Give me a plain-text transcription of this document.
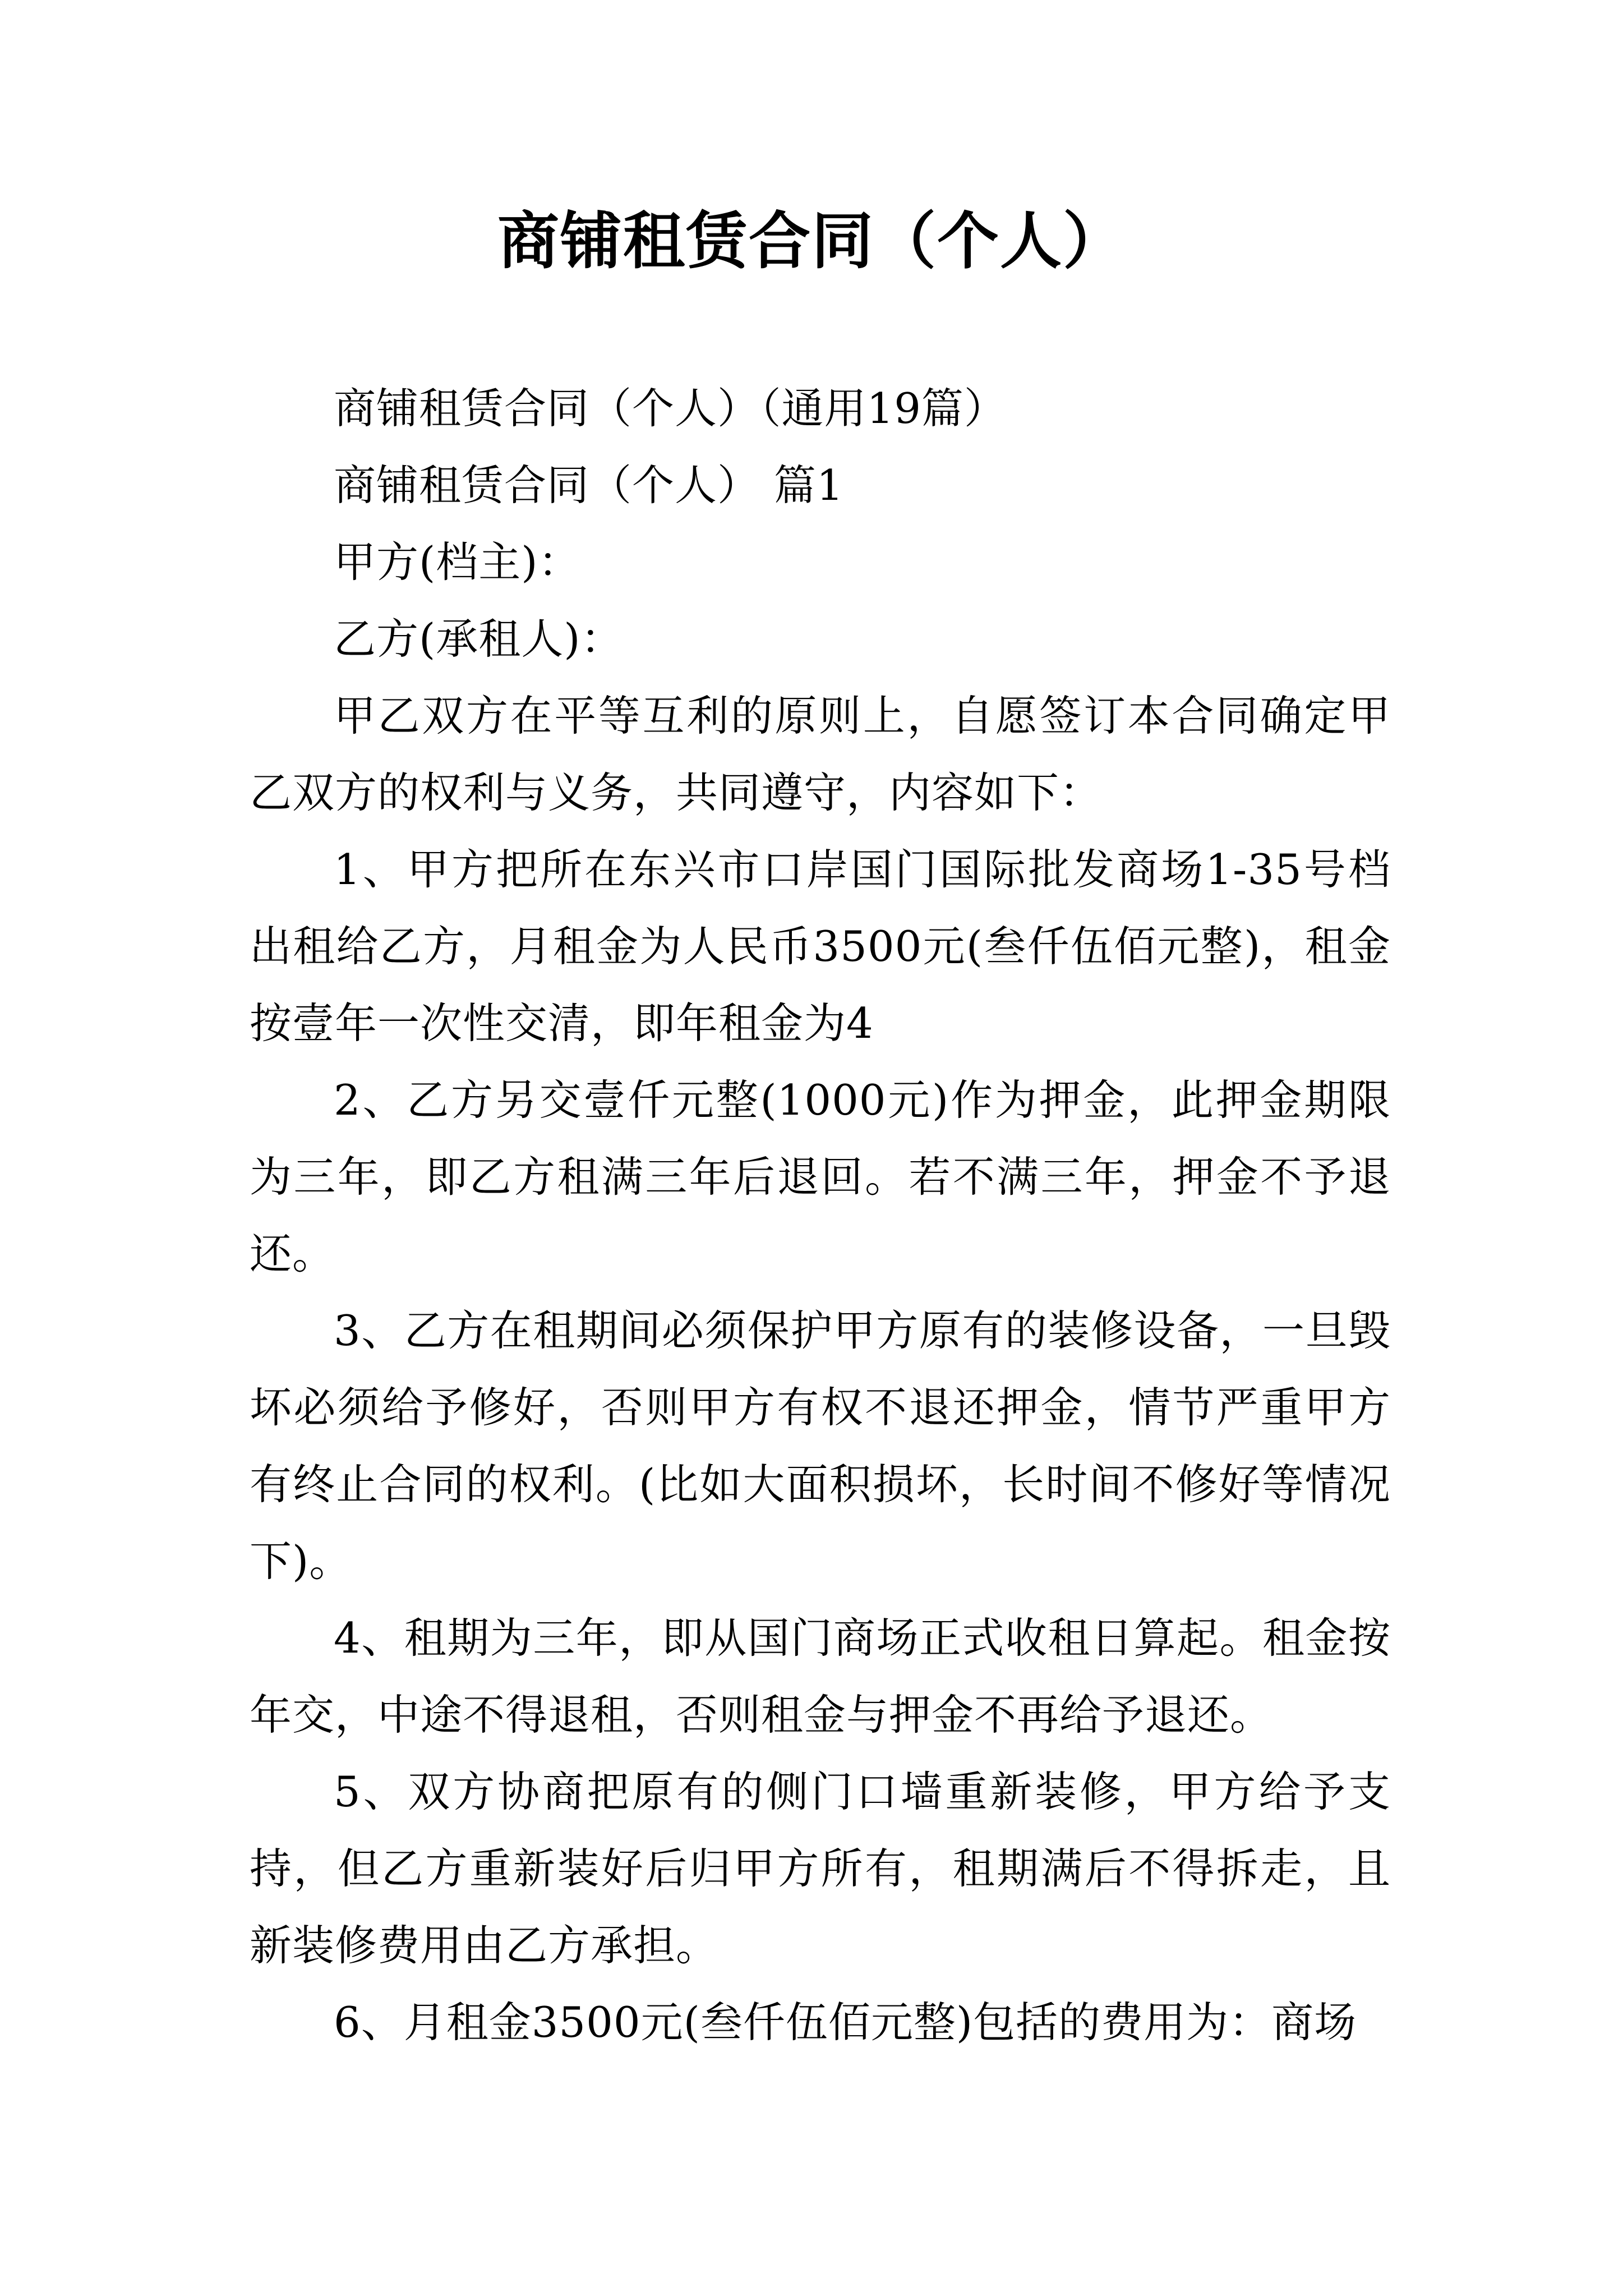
商铺租赁合同（个人）

商铺租赁合同（个人）（通用19篇）

商铺租赁合同（个人） 篇1

甲方(档主)：

乙方(承租人)：

甲乙双方在平等互利的原则上，自愿签订本合同确定甲乙双方的权利与义务，共同遵守，内容如下：

1、甲方把所在东兴市口岸国门国际批发商场1-35号档出租给乙方，月租金为人民币3500元(叁仟伍佰元整)，租金按壹年一次性交清，即年租金为4

2、乙方另交壹仟元整(1000元)作为押金，此押金期限为三年，即乙方租满三年后退回。若不满三年，押金不予退还。

3、乙方在租期间必须保护甲方原有的装修设备，一旦毁坏必须给予修好，否则甲方有权不退还押金，情节严重甲方有终止合同的权利。(比如大面积损坏，长时间不修好等情况下)。

4、租期为三年，即从国门商场正式收租日算起。租金按年交，中途不得退租，否则租金与押金不再给予退还。

5、双方协商把原有的侧门口墙重新装修，甲方给予支持，但乙方重新装好后归甲方所有，租期满后不得拆走，且新装修费用由乙方承担。

6、月租金3500元(叁仟伍佰元整)包括的费用为：商场
